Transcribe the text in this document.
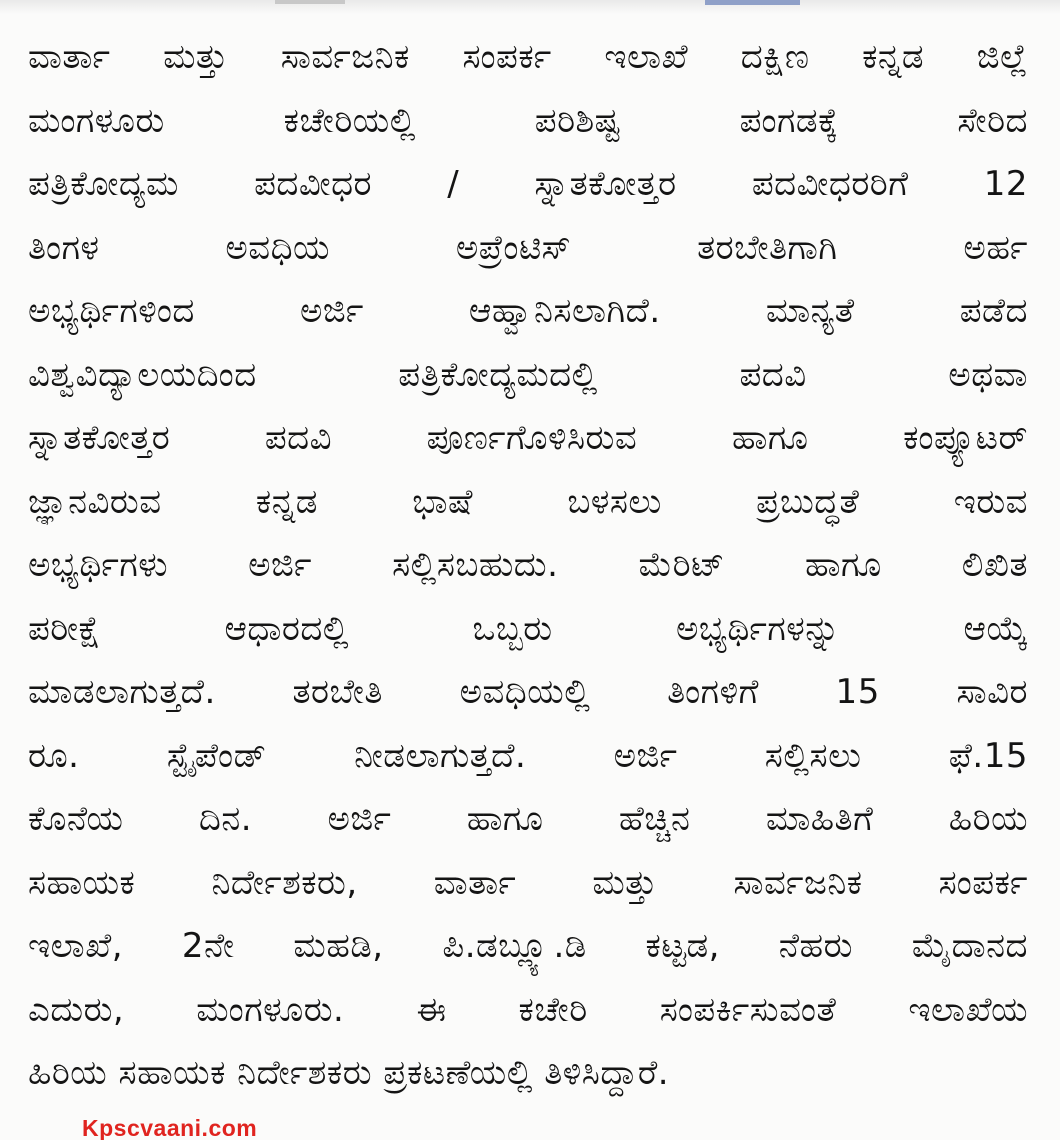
ವಾರ್ತಾ ಮತ್ತು ಸಾರ್ವಜನಿಕ ಸಂಪರ್ಕ ಇಲಾಖೆ ದಕ್ಷಿಣ ಕನ್ನಡ ಜಿಲ್ಲೆ
ಮಂಗಳೂರು ಕಚೇರಿಯಲ್ಲಿ ಪರಿಶಿಷ್ಟ ಪಂಗಡಕ್ಕೆ ಸೇರಿದ
ಪತ್ರಿಕೋದ್ಯಮ ಪದವೀಧರ / ಸ್ನಾತಕೋತ್ತರ ಪದವೀಧರರಿಗೆ 12
ತಿಂಗಳ ಅವಧಿಯ ಅಪ್ರೆಂಟಿಸ್ ತರಬೇತಿಗಾಗಿ ಅರ್ಹ
ಅಭ್ಯರ್ಥಿಗಳಿಂದ ಅರ್ಜಿ ಆಹ್ವಾನಿಸಲಾಗಿದೆ. ಮಾನ್ಯತೆ ಪಡೆದ
ವಿಶ್ವವಿದ್ಯಾಲಯದಿಂದ ಪತ್ರಿಕೋದ್ಯಮದಲ್ಲಿ ಪದವಿ ಅಥವಾ
ಸ್ನಾತಕೋತ್ತರ ಪದವಿ ಪೂರ್ಣಗೊಳಿಸಿರುವ ಹಾಗೂ ಕಂಪ್ಯೂಟರ್
ಜ್ಞಾನವಿರುವ ಕನ್ನಡ ಭಾಷೆ ಬಳಸಲು ಪ್ರಬುದ್ಧತೆ ಇರುವ
ಅಭ್ಯರ್ಥಿಗಳು ಅರ್ಜಿ ಸಲ್ಲಿಸಬಹುದು. ಮೆರಿಟ್ ಹಾಗೂ ಲಿಖಿತ
ಪರೀಕ್ಷೆ ಆಧಾರದಲ್ಲಿ ಒಬ್ಬರು ಅಭ್ಯರ್ಥಿಗಳನ್ನು ಆಯ್ಕೆ
ಮಾಡಲಾಗುತ್ತದೆ. ತರಬೇತಿ ಅವಧಿಯಲ್ಲಿ ತಿಂಗಳಿಗೆ 15 ಸಾವಿರ
ರೂ. ಸ್ಟೈಪೆಂಡ್ ನೀಡಲಾಗುತ್ತದೆ. ಅರ್ಜಿ ಸಲ್ಲಿಸಲು ಫೆ.15
ಕೊನೆಯ ದಿನ. ಅರ್ಜಿ ಹಾಗೂ ಹೆಚ್ಚಿನ ಮಾಹಿತಿಗೆ ಹಿರಿಯ
ಸಹಾಯಕ ನಿರ್ದೇಶಕರು, ವಾರ್ತಾ ಮತ್ತು ಸಾರ್ವಜನಿಕ ಸಂಪರ್ಕ
ಇಲಾಖೆ, 2ನೇ ಮಹಡಿ, ಪಿ.ಡಬ್ಲ್ಯೂ.ಡಿ ಕಟ್ಟಡ, ನೆಹರು ಮೈದಾನದ
ಎದುರು, ಮಂಗಳೂರು. ಈ ಕಚೇರಿ ಸಂಪರ್ಕಿಸುವಂತೆ ಇಲಾಖೆಯ
ಹಿರಿಯ ಸಹಾಯಕ ನಿರ್ದೇಶಕರು ಪ್ರಕಟಣೆಯಲ್ಲಿ ತಿಳಿಸಿದ್ದಾರೆ.
Kpscvaani.com
